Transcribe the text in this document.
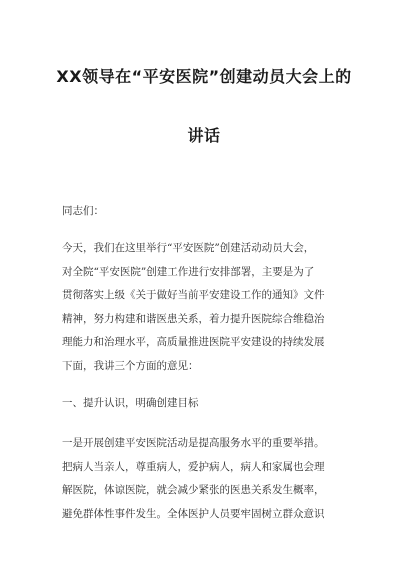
XX领导在“平安医院”创建动员大会上的
讲话
同志们：
今天，我们在这里举行“平安医院”创建活动动员大会，
对全院“平安医院”创建工作进行安排部署，主要是为了
贯彻落实上级《关于做好当前平安建设工作的通知》文件
精神，努力构建和谐医患关系，着力提升医院综合维稳治
理能力和治理水平，高质量推进医院平安建设的持续发展
下面，我讲三个方面的意见：
一、提升认识，明确创建目标
一是开展创建平安医院活动是提高服务水平的重要举措。
把病人当亲人，尊重病人，爱护病人，病人和家属也会理
解医院，体谅医院，就会减少紧张的医患关系发生概率，
避免群体性事件发生。全体医护人员要牢固树立群众意识
